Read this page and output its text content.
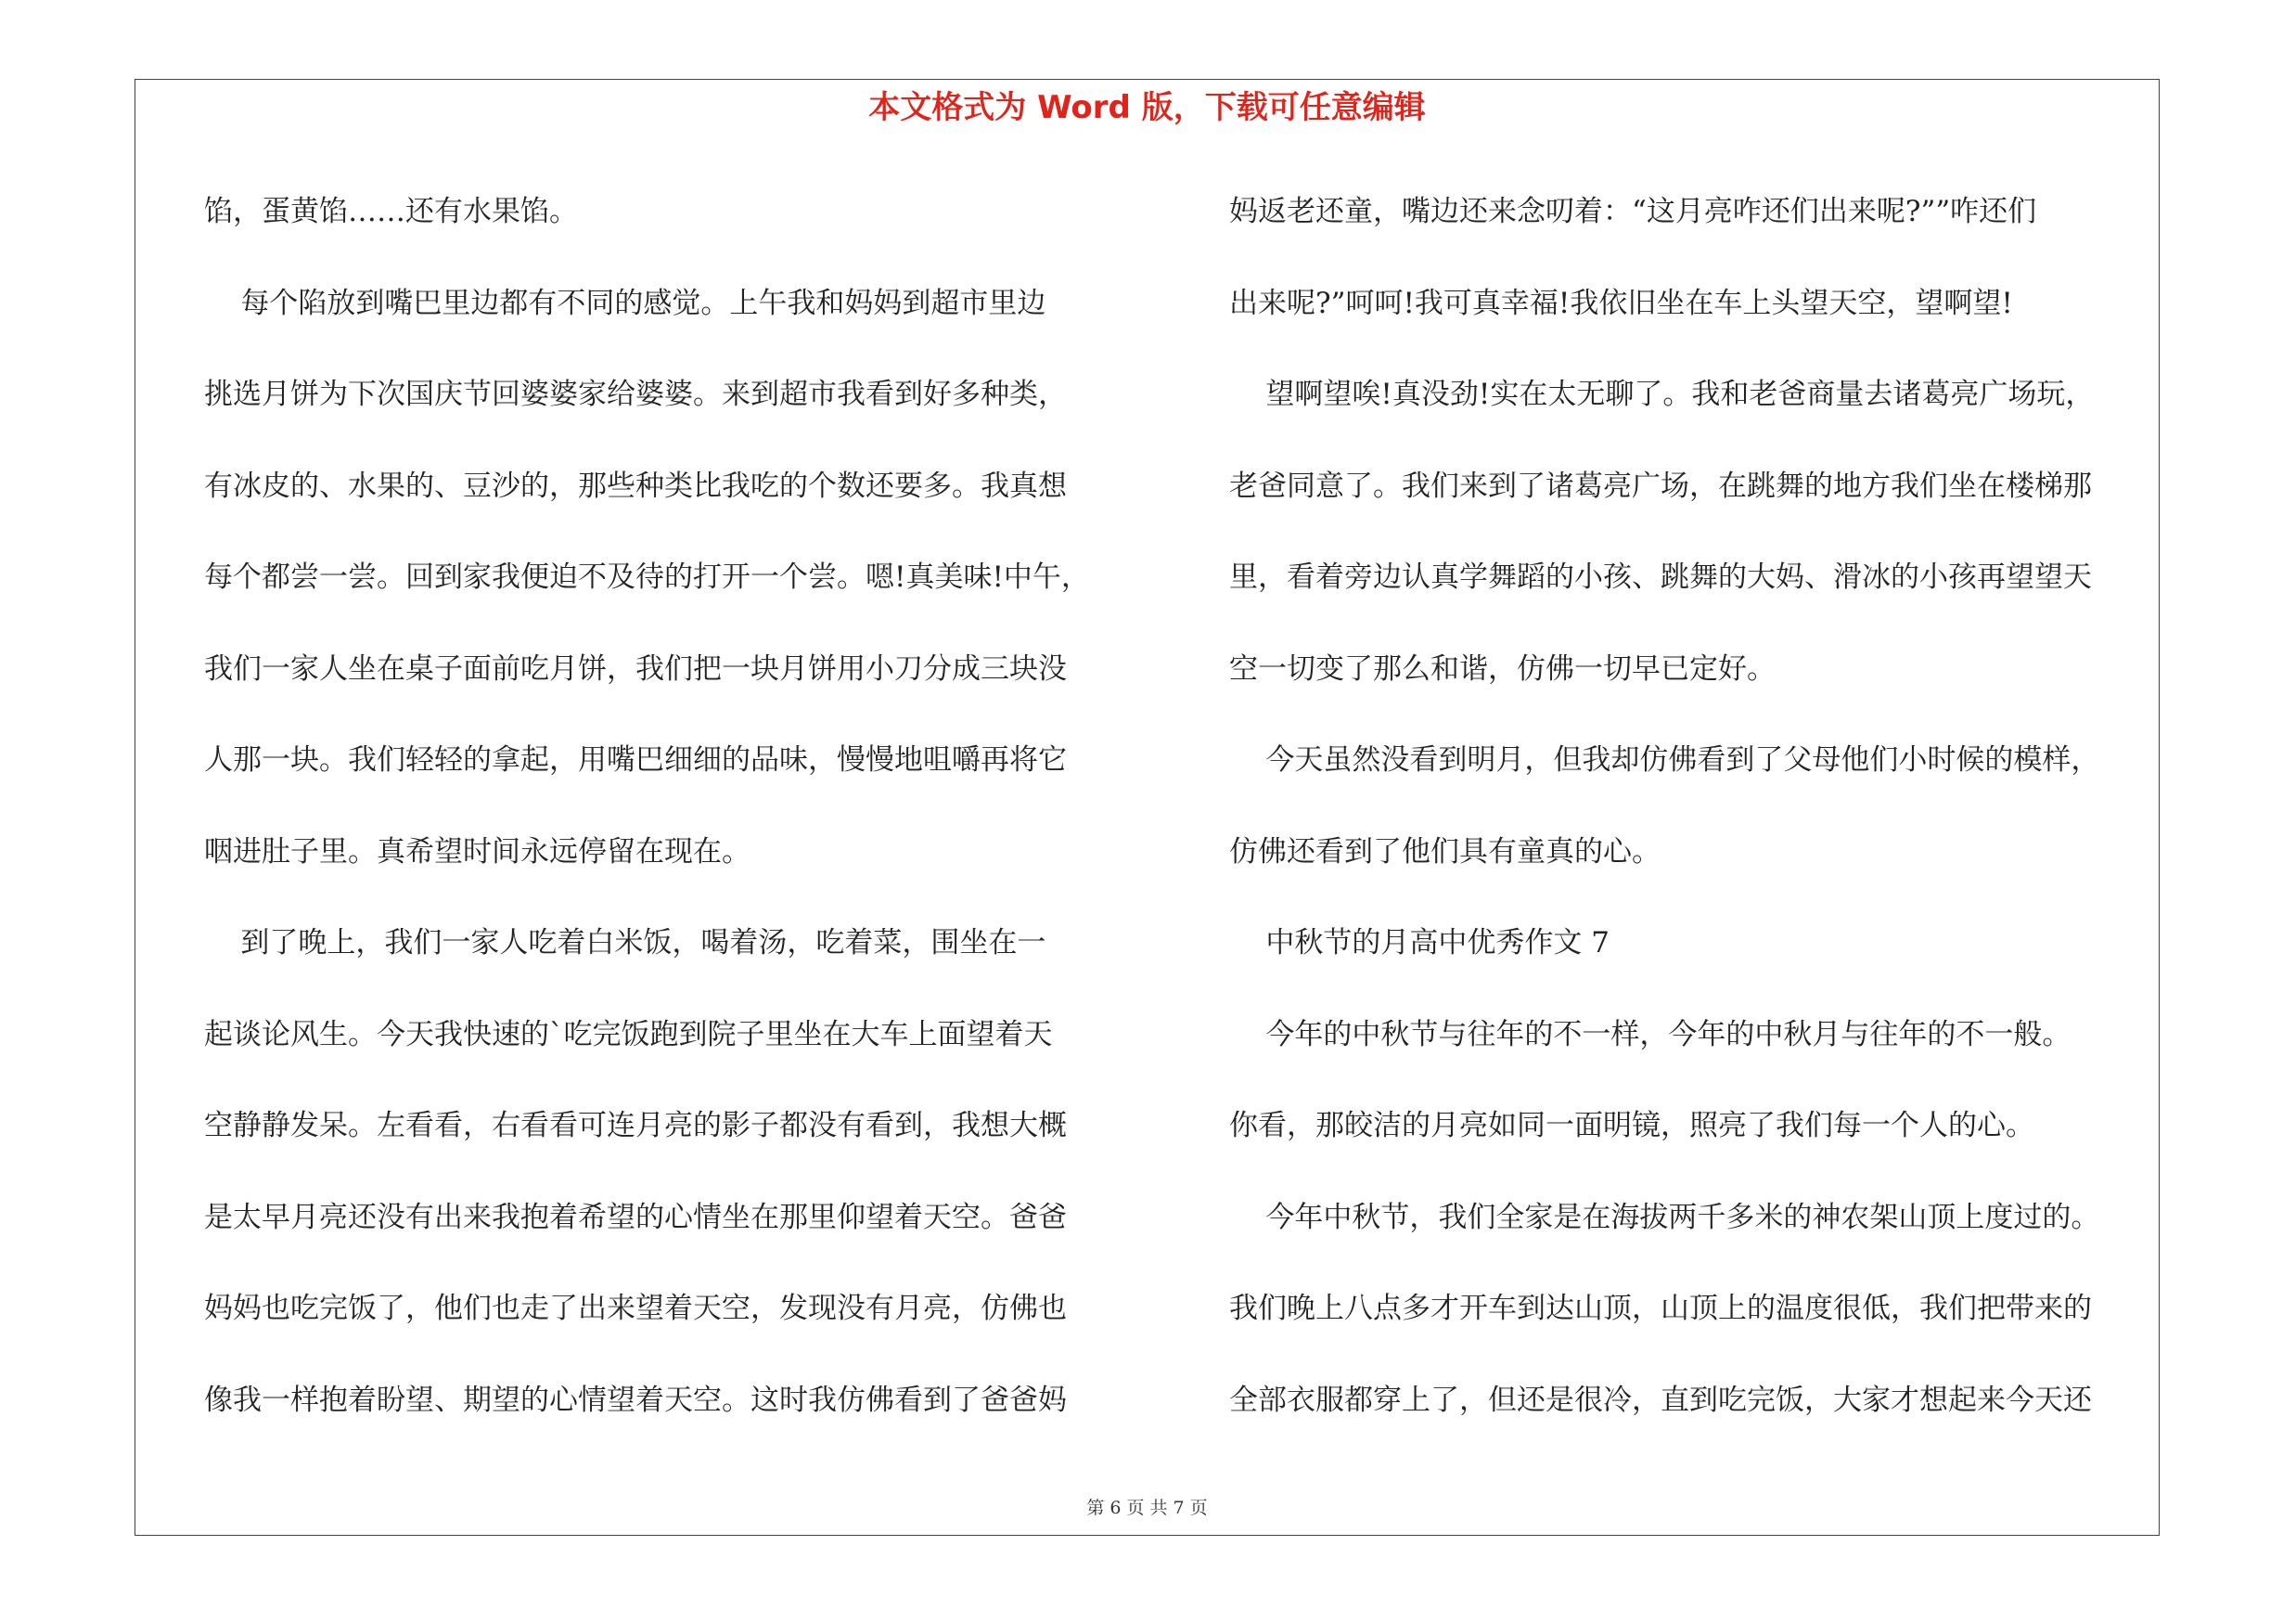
本文格式为 Word 版，下载可任意编辑
馅，蛋黄馅……还有水果馅。
每个陷放到嘴巴里边都有不同的感觉。上午我和妈妈到超市里边
挑选月饼为下次国庆节回婆婆家给婆婆。来到超市我看到好多种类，
有冰皮的、水果的、豆沙的，那些种类比我吃的个数还要多。我真想
每个都尝一尝。回到家我便迫不及待的打开一个尝。嗯!真美味!中午，
我们一家人坐在桌子面前吃月饼，我们把一块月饼用小刀分成三块没
人那一块。我们轻轻的拿起，用嘴巴细细的品味，慢慢地咀嚼再将它
咽进肚子里。真希望时间永远停留在现在。
到了晚上，我们一家人吃着白米饭，喝着汤，吃着菜，围坐在一
起谈论风生。今天我快速的`吃完饭跑到院子里坐在大车上面望着天
空静静发呆。左看看，右看看可连月亮的影子都没有看到，我想大概
是太早月亮还没有出来我抱着希望的心情坐在那里仰望着天空。爸爸
妈妈也吃完饭了，他们也走了出来望着天空，发现没有月亮，仿佛也
像我一样抱着盼望、期望的心情望着天空。这时我仿佛看到了爸爸妈
妈返老还童，嘴边还来念叨着：“这月亮咋还们出来呢?””咋还们
出来呢?”呵呵!我可真幸福!我依旧坐在车上头望天空，望啊望!
望啊望唉!真没劲!实在太无聊了。我和老爸商量去诸葛亮广场玩，
老爸同意了。我们来到了诸葛亮广场，在跳舞的地方我们坐在楼梯那
里，看着旁边认真学舞蹈的小孩、跳舞的大妈、滑冰的小孩再望望天
空一切变了那么和谐，仿佛一切早已定好。
今天虽然没看到明月，但我却仿佛看到了父母他们小时候的模样，
仿佛还看到了他们具有童真的心。
中秋节的月高中优秀作文 7
今年的中秋节与往年的不一样，今年的中秋月与往年的不一般。
你看，那皎洁的月亮如同一面明镜，照亮了我们每一个人的心。
今年中秋节，我们全家是在海拔两千多米的神农架山顶上度过的。
我们晚上八点多才开车到达山顶，山顶上的温度很低，我们把带来的
全部衣服都穿上了，但还是很冷，直到吃完饭，大家才想起来今天还
第 6 页 共 7 页
